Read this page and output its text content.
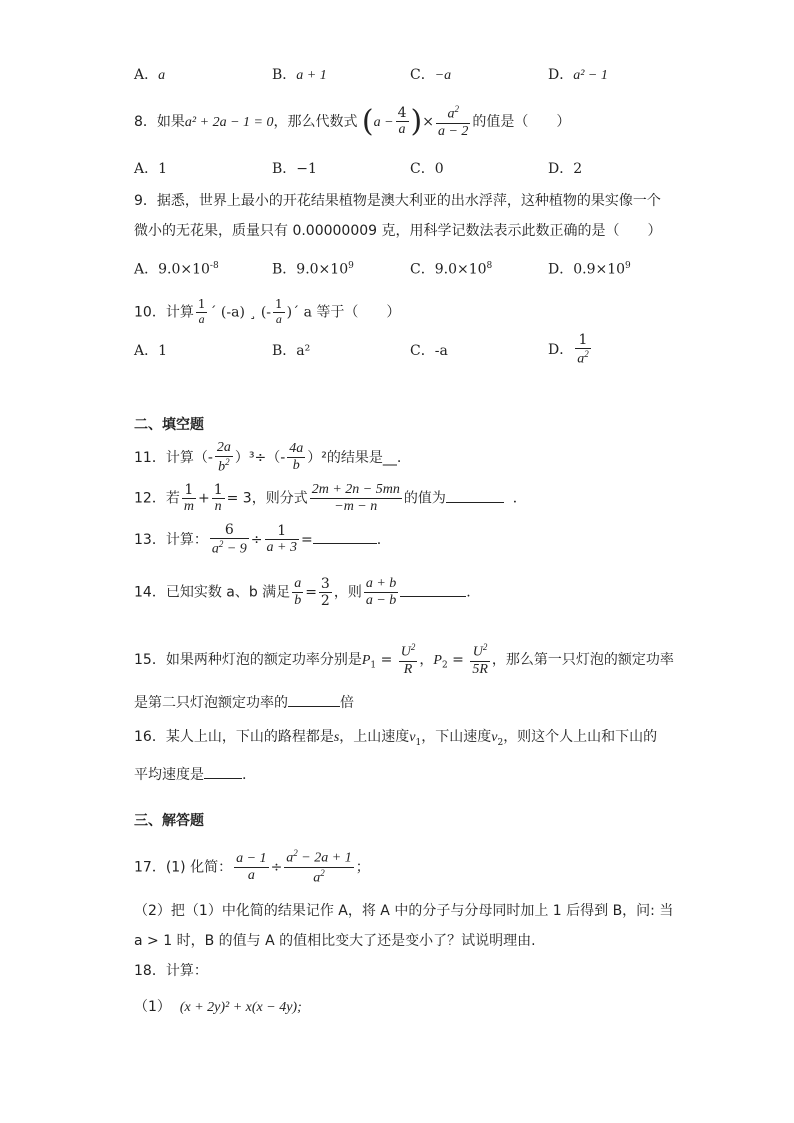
A．a	B．a + 1	C．−a	D．a² − 1
8．如果a² + 2a − 1 = 0，那么代数式 ($a - \frac{4}{a}$ )× $\frac{a^2}{a - 2}$ 的值是（　　）
A．1	B．−1	C．0	D．2
9．据悉，世界上最小的开花结果植物是澳大利亚的出水浮萍，这种植物的果实像一个
微小的无花果，质量只有 0.00000009 克，用科学记数法表示此数正确的是（　　）
A．$9.0\times 10^{-8}$	B．$9.0\times 10^9$	C．$9.0\times 10^8$	D．$0.9\times 10^9$
10．计算 $\frac{1}{a}$ ´ (-a) ¸ (- $\frac{1}{a}$ )´ a 等于（　　）
A．1	B．a²	C．-a	D． $\frac{1}{a^2}$
二、填空题
11．计算（- $\frac{2a}{b^2} )^3\div(- \frac{4a}{b} )^2$的结果是__.
12．若 $\frac{1}{m} + \frac{1}{n} = 3$，则分式 $\frac{2m + 2n - 5mn}{-m - n}$ 的值为	．
13．计算： $\frac{6}{a^2 - 9} \div \frac{1}{a + 3}$ =	.
14．已知实数 a、b 满足 $\frac{a}{b} = \frac{3}{2}$ ，则 $\frac{a + b}{a - b}$	.
15．如果两种灯泡的额定功率分别是$P_1 = \frac{U^2}{R}$ ，$P_2 = \frac{U^2}{5R}$ ，那么第一只灯泡的额定功率
是第二只灯泡额定功率的	倍
16．某人上山，下山的路程都是s，上山速度$v_1$，下山速度$v_2$，则这个人上山和下山的
平均速度是	.
三、解答题
17．(1) 化简： $\frac{a - 1}{a} \div \frac{a^2 - 2a + 1}{a^2}$ ；
（2）把（1）中化简的结果记作 A，将 A 中的分子与分母同时加上 1 后得到 B，问: 当
a > 1 时，B 的值与 A 的值相比变大了还是变小了？试说明理由.
18．计算：
（1） (x + 2y)² + x(x − 4y);
